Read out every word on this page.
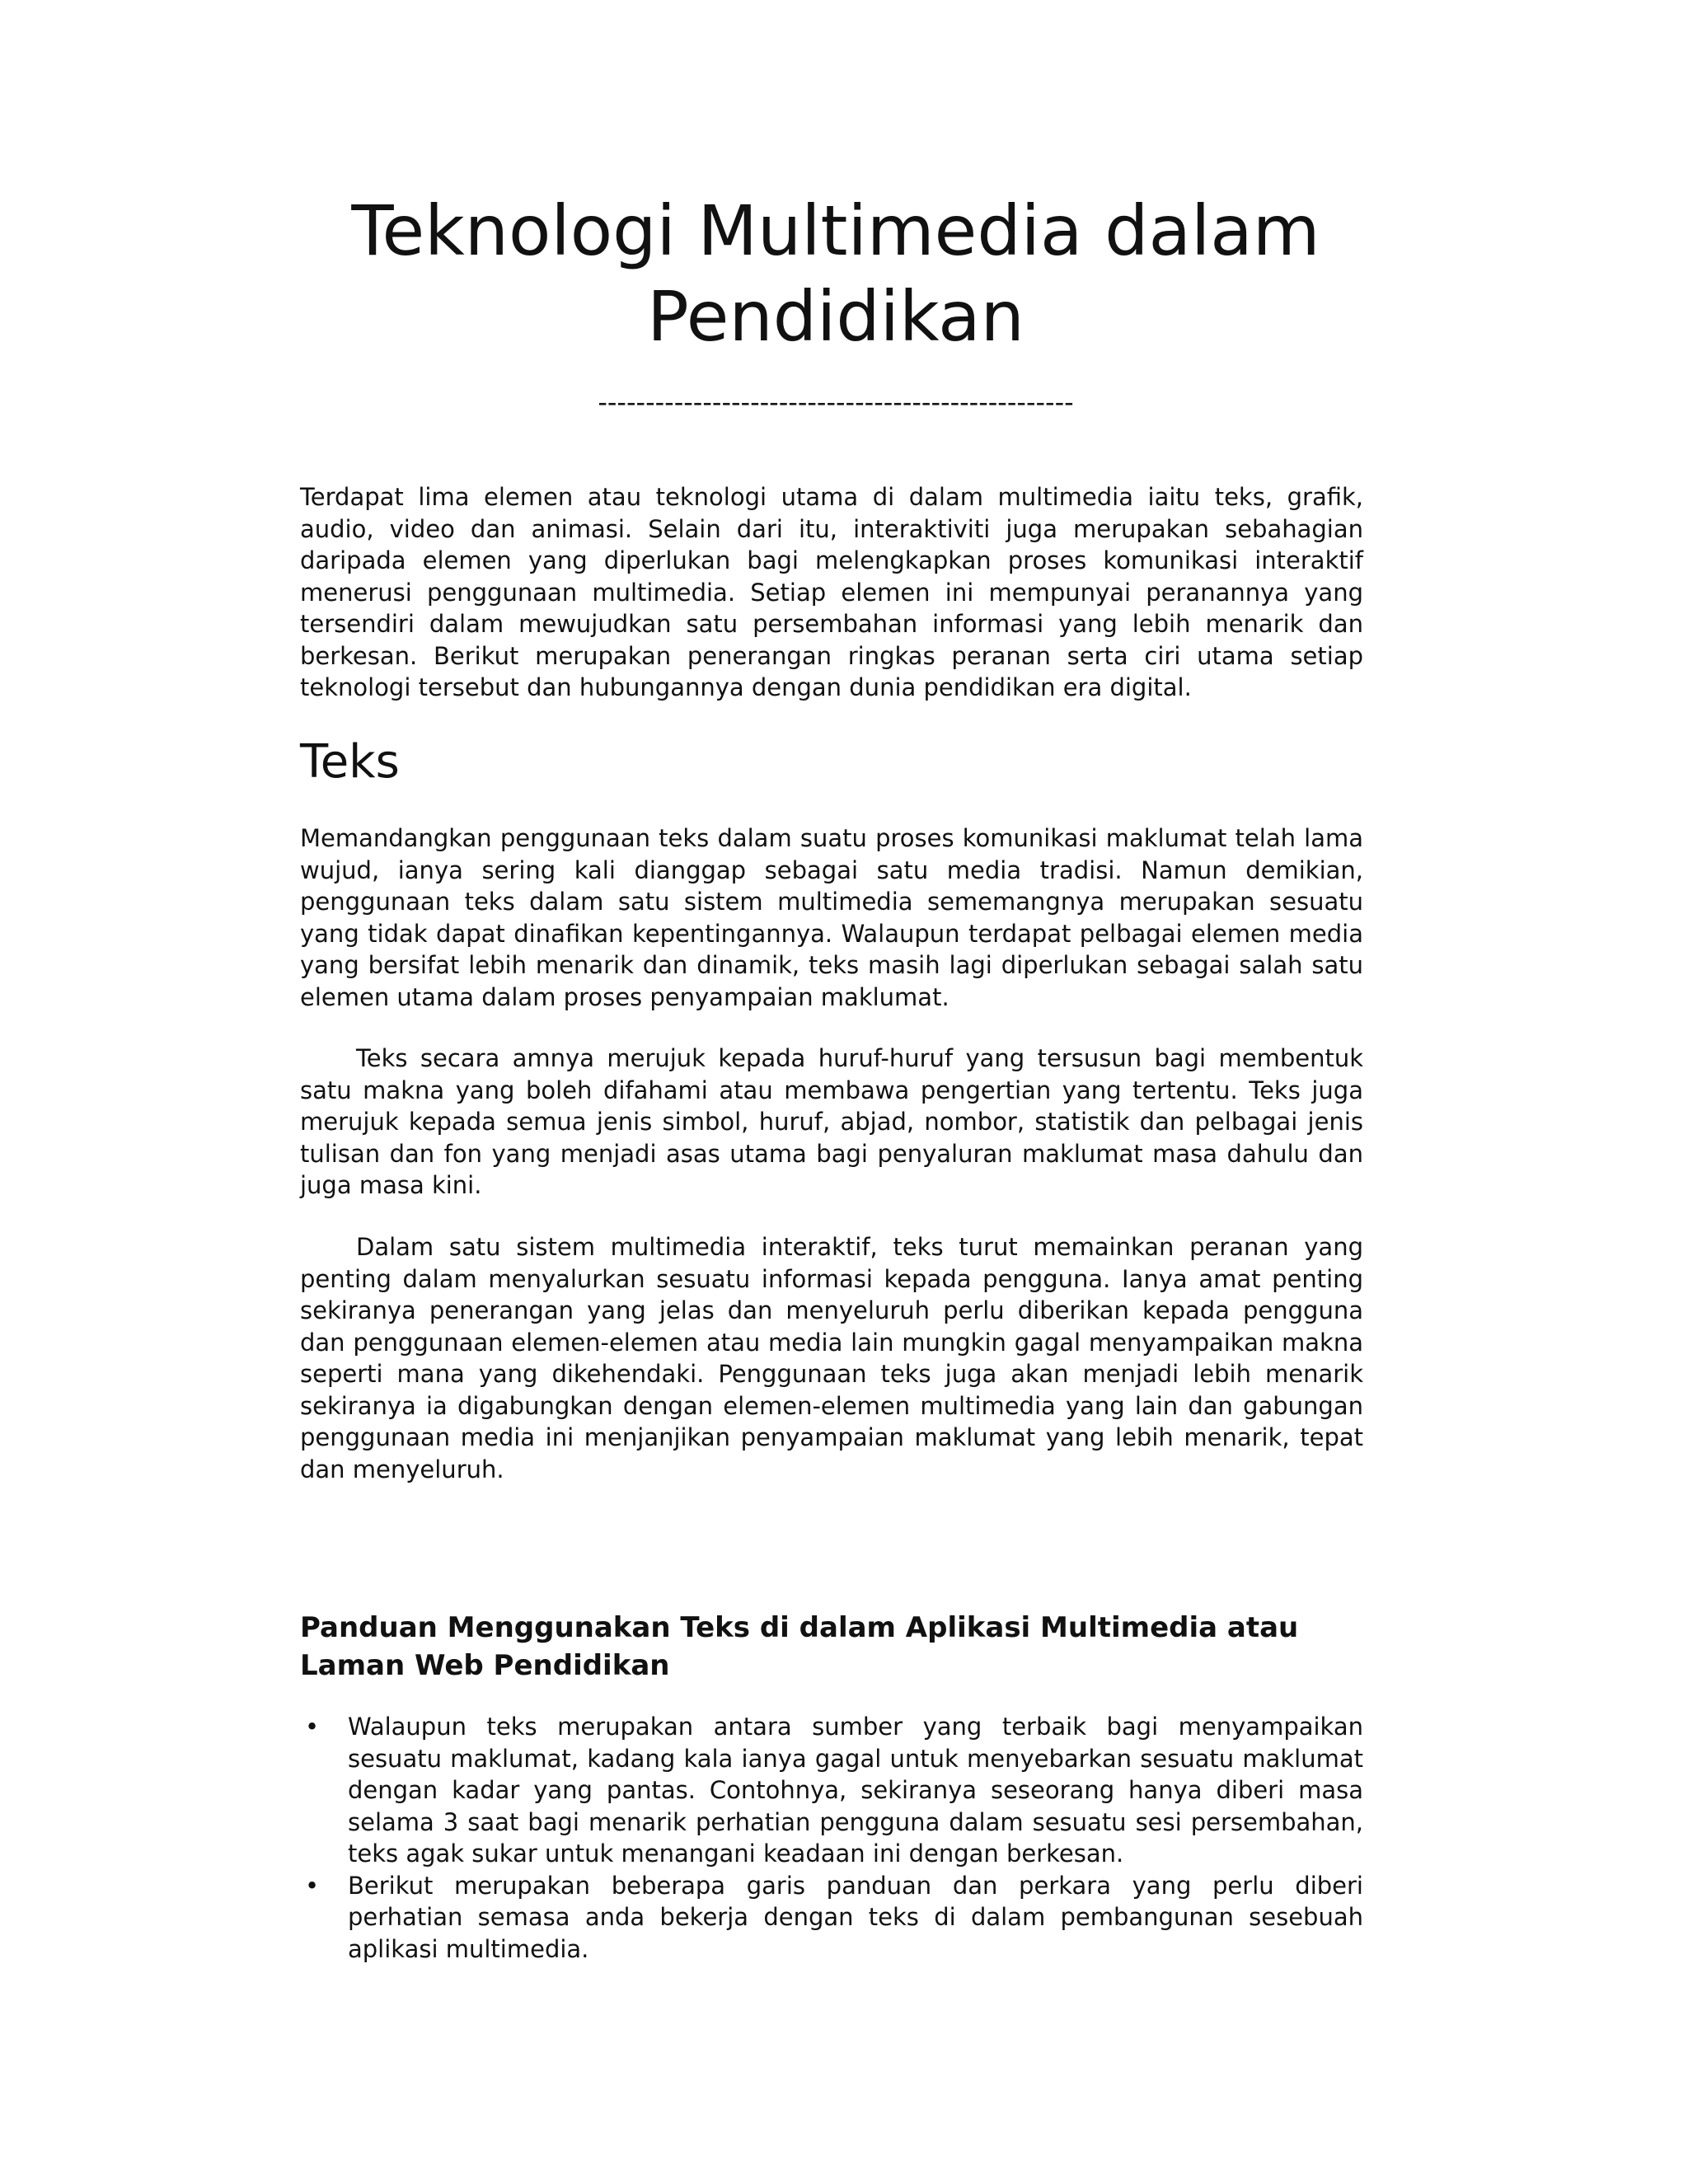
Teknologi Multimedia dalam
Pendidikan
--------------------------------------------------

Terdapat lima elemen atau teknologi utama di dalam multimedia iaitu teks, grafik, audio, video dan animasi. Selain dari itu, interaktiviti juga merupakan sebahagian daripada elemen yang diperlukan bagi melengkapkan proses komunikasi interaktif menerusi penggunaan multimedia. Setiap elemen ini mempunyai peranannya yang tersendiri dalam mewujudkan satu persembahan informasi yang lebih menarik dan berkesan. Berikut merupakan penerangan ringkas peranan serta ciri utama setiap teknologi tersebut dan hubungannya dengan dunia pendidikan era digital.

Teks

Memandangkan penggunaan teks dalam suatu proses komunikasi maklumat telah lama wujud, ianya sering kali dianggap sebagai satu media tradisi. Namun demikian, penggunaan teks dalam satu sistem multimedia sememangnya merupakan sesuatu yang tidak dapat dinafikan kepentingannya. Walaupun terdapat pelbagai elemen media yang bersifat lebih menarik dan dinamik, teks masih lagi diperlukan sebagai salah satu elemen utama dalam proses penyampaian maklumat.

Teks secara amnya merujuk kepada huruf-huruf yang tersusun bagi membentuk satu makna yang boleh difahami atau membawa pengertian yang tertentu. Teks juga merujuk kepada semua jenis simbol, huruf, abjad, nombor, statistik dan pelbagai jenis tulisan dan fon yang menjadi asas utama bagi penyaluran maklumat masa dahulu dan juga masa kini.

Dalam satu sistem multimedia interaktif, teks turut memainkan peranan yang penting dalam menyalurkan sesuatu informasi kepada pengguna. Ianya amat penting sekiranya penerangan yang jelas dan menyeluruh perlu diberikan kepada pengguna dan penggunaan elemen-elemen atau media lain mungkin gagal menyampaikan makna seperti mana yang dikehendaki. Penggunaan teks juga akan menjadi lebih menarik sekiranya ia digabungkan dengan elemen-elemen multimedia yang lain dan gabungan penggunaan media ini menjanjikan penyampaian maklumat yang lebih menarik, tepat dan menyeluruh.

Panduan Menggunakan Teks di dalam Aplikasi Multimedia atau
Laman Web Pendidikan
•	Walaupun teks merupakan antara sumber yang terbaik bagi menyampaikan sesuatu maklumat, kadang kala ianya gagal untuk menyebarkan sesuatu maklumat dengan kadar yang pantas. Contohnya, sekiranya seseorang hanya diberi masa selama 3 saat bagi menarik perhatian pengguna dalam sesuatu sesi persembahan, teks agak sukar untuk menangani keadaan ini dengan berkesan.
•	Berikut merupakan beberapa garis panduan dan perkara yang perlu diberi perhatian semasa anda bekerja dengan teks di dalam pembangunan sesebuah aplikasi multimedia.
